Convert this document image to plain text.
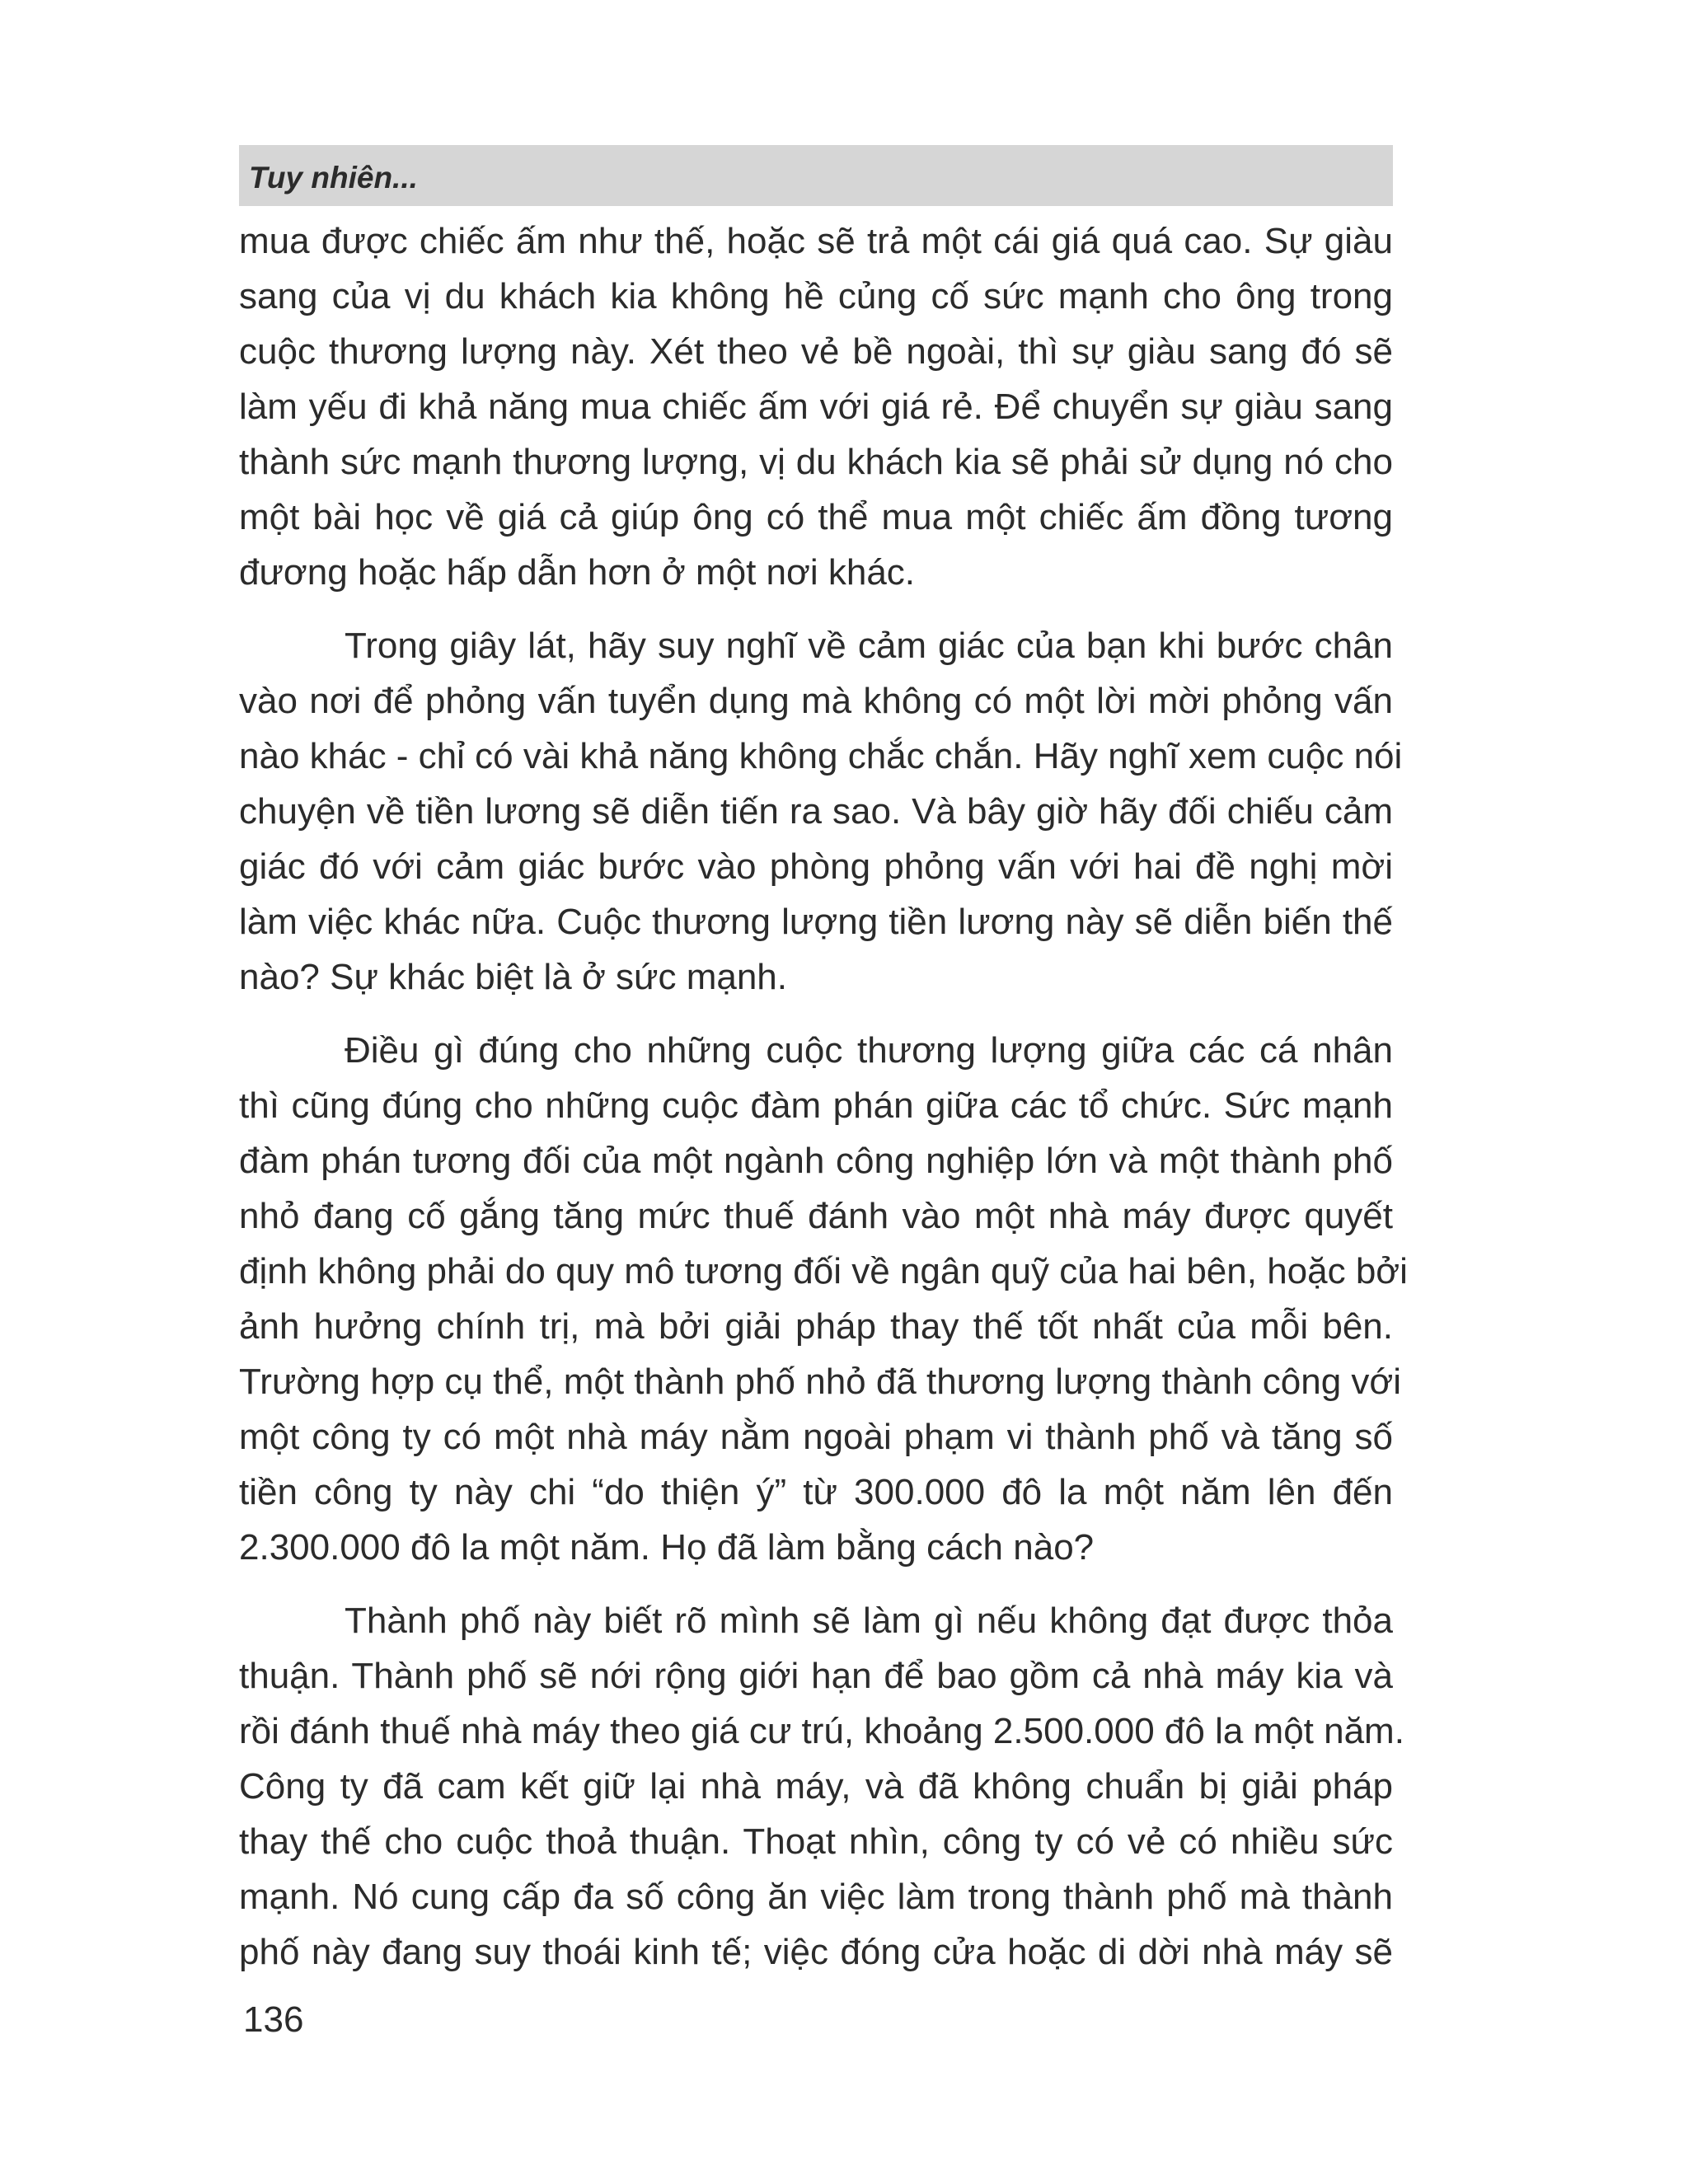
Tuy nhiên...
mua được chiếc ấm như thế, hoặc sẽ trả một cái giá quá cao. Sự giàu
sang của vị du khách kia không hề củng cố sức mạnh cho ông trong
cuộc thương lượng này. Xét theo vẻ bề ngoài, thì sự giàu sang đó sẽ
làm yếu đi khả năng mua chiếc ấm với giá rẻ. Để chuyển sự giàu sang
thành sức mạnh thương lượng, vị du khách kia sẽ phải sử dụng nó cho
một bài học về giá cả giúp ông có thể mua một chiếc ấm đồng tương
đương hoặc hấp dẫn hơn ở một nơi khác.
Trong giây lát, hãy suy nghĩ về cảm giác của bạn khi bước chân
vào nơi để phỏng vấn tuyển dụng mà không có một lời mời phỏng vấn
nào khác - chỉ có vài khả năng không chắc chắn. Hãy nghĩ xem cuộc nói
chuyện về tiền lương sẽ diễn tiến ra sao. Và bây giờ hãy đối chiếu cảm
giác đó với cảm giác bước vào phòng phỏng vấn với hai đề nghị mời
làm việc khác nữa. Cuộc thương lượng tiền lương này sẽ diễn biến thế
nào? Sự khác biệt là ở sức mạnh.
Điều gì đúng cho những cuộc thương lượng giữa các cá nhân
thì cũng đúng cho những cuộc đàm phán giữa các tổ chức. Sức mạnh
đàm phán tương đối của một ngành công nghiệp lớn và một thành phố
nhỏ đang cố gắng tăng mức thuế đánh vào một nhà máy được quyết
định không phải do quy mô tương đối về ngân quỹ của hai bên, hoặc bởi
ảnh hưởng chính trị, mà bởi giải pháp thay thế tốt nhất của mỗi bên.
Trường hợp cụ thể, một thành phố nhỏ đã thương lượng thành công với
một công ty có một nhà máy nằm ngoài phạm vi thành phố và tăng số
tiền công ty này chi “do thiện ý” từ 300.000 đô la một năm lên đến
2.300.000 đô la một năm. Họ đã làm bằng cách nào?
Thành phố này biết rõ mình sẽ làm gì nếu không đạt được thỏa
thuận. Thành phố sẽ nới rộng giới hạn để bao gồm cả nhà máy kia và
rồi đánh thuế nhà máy theo giá cư trú, khoảng 2.500.000 đô la một năm.
Công ty đã cam kết giữ lại nhà máy, và đã không chuẩn bị giải pháp
thay thế cho cuộc thoả thuận. Thoạt nhìn, công ty có vẻ có nhiều sức
mạnh. Nó cung cấp đa số công ăn việc làm trong thành phố mà thành
phố này đang suy thoái kinh tế; việc đóng cửa hoặc di dời nhà máy sẽ
136
